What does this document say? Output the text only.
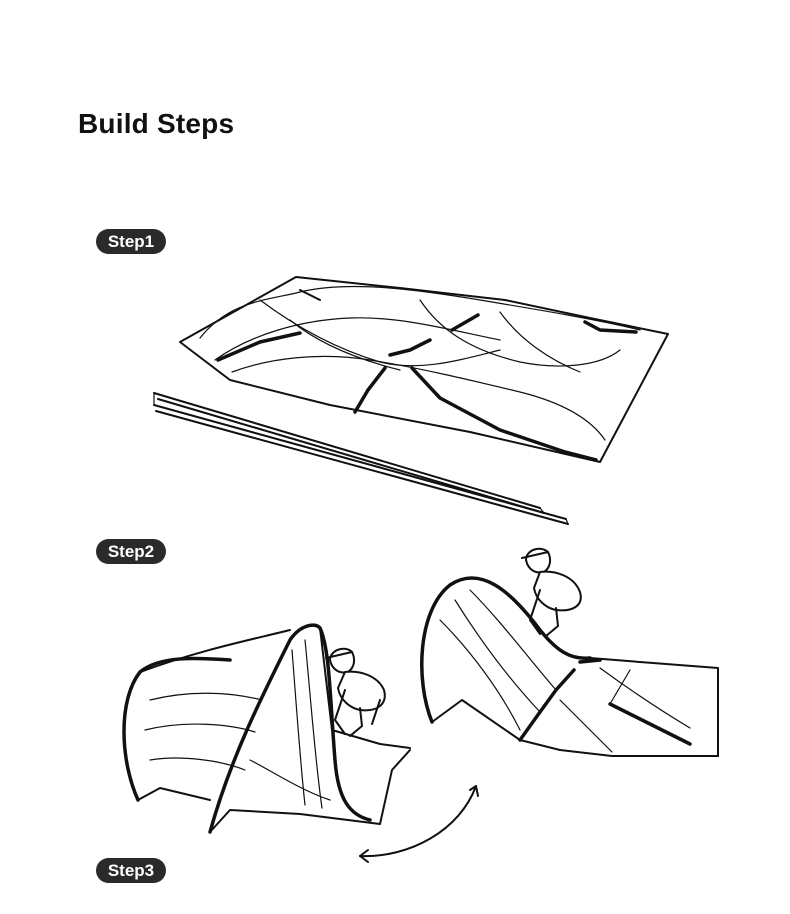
Build Steps
Step1
Step2
Step3
